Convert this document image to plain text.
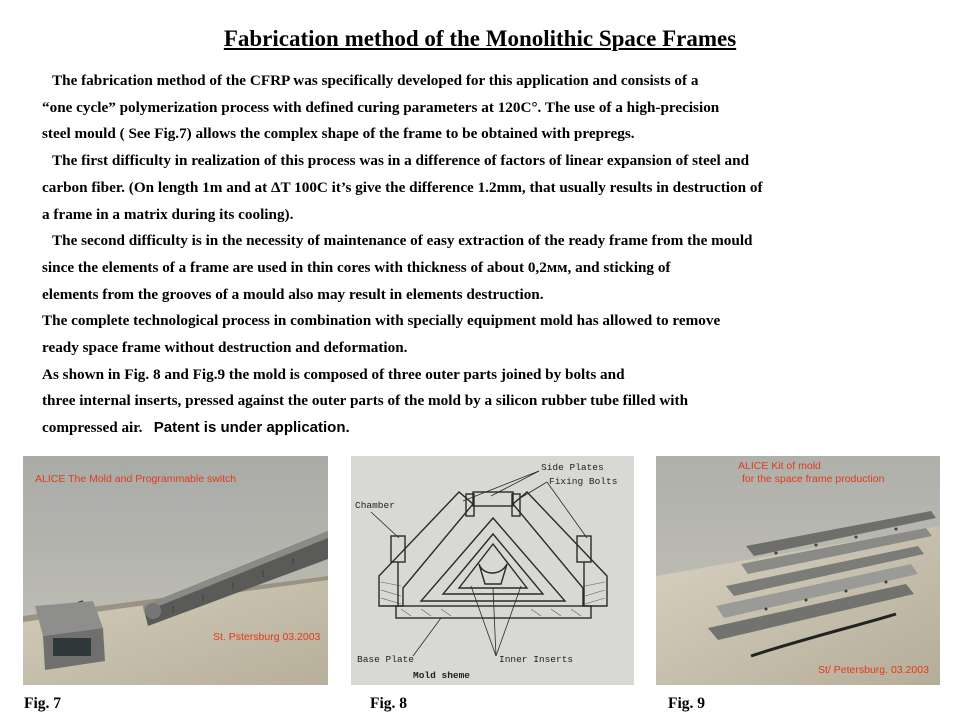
Fabrication method of the Monolithic Space Frames
The fabrication method of the CFRP was specifically developed for this application and consists of a
“one cycle” polymerization process with defined curing parameters at 120C°. The use of a high-precision
steel mould ( See Fig.7) allows the complex shape of the frame to be obtained with prepregs.
The first difficulty in realization of this process was in a difference of factors of linear expansion of steel and
carbon fiber. (On length 1m and at ΔT 100C it’s give the difference 1.2mm, that usually results in destruction of
a frame in a matrix during its cooling).
The second difficulty is in the necessity of maintenance of easy extraction of the ready frame from the mould
since the elements of a frame are used in thin cores with thickness of about 0,2мм, and sticking of
elements from the grooves of a mould also may result in elements destruction.
The complete technological process in combination with specially equipment mold has allowed to remove
ready space frame without destruction and deformation.
As shown in Fig. 8 and Fig.9 the mold is composed of three outer parts joined by bolts and
three internal inserts, pressed against the outer parts of the mold by a silicon rubber tube filled with
compressed air. Patent is under application.
ALICE The Mold and Programmable switch
St. Pstersburg 03.2003
Side Plates
Fixing Bolts
Chamber
Base Plate	Inner Inserts
Mold sheme
ALICE Kit of mold
for the space frame production
St/ Petersburg. 03.2003
Fig. 7	Fig. 8	Fig. 9
